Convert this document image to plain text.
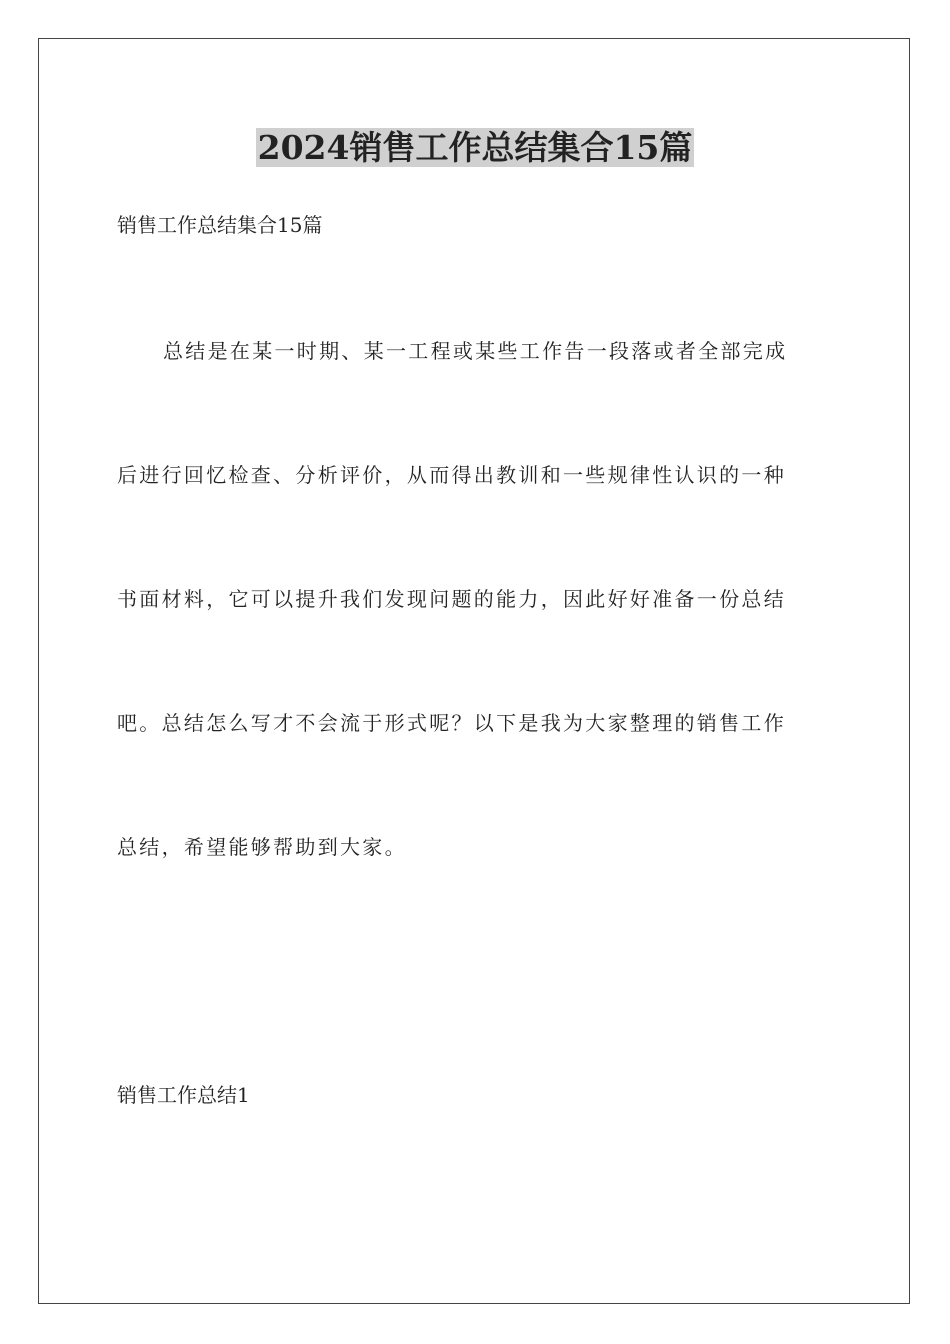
2024销售工作总结集合15篇
销售工作总结集合15篇
总结是在某一时期、某一工程或某些工作告一段落或者全部完成
后进行回忆检查、分析评价，从而得出教训和一些规律性认识的一种
书面材料，它可以提升我们发现问题的能力，因此好好准备一份总结
吧。总结怎么写才不会流于形式呢？以下是我为大家整理的销售工作
总结，希望能够帮助到大家。
销售工作总结1
